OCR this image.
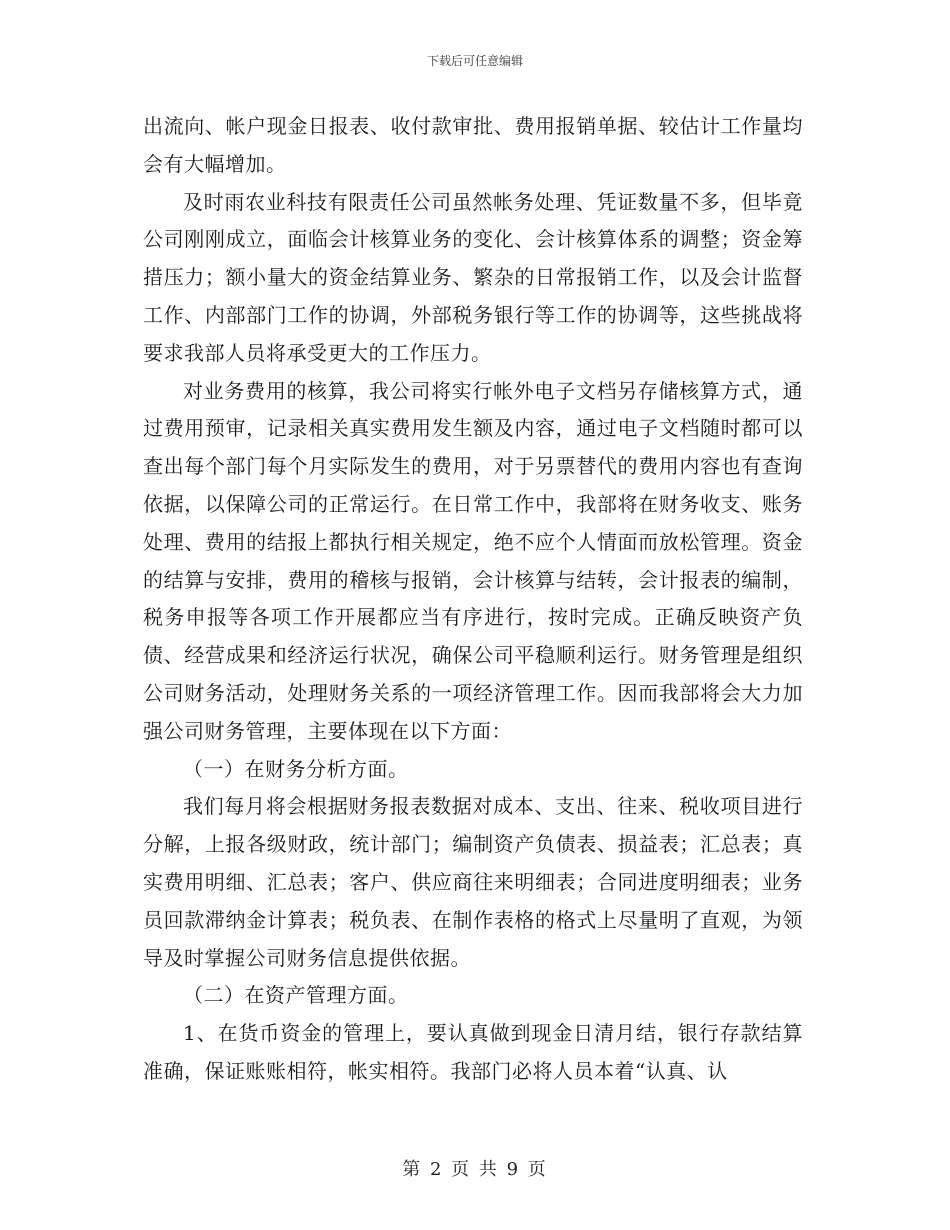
下载后可任意编辑

出流向、帐户现金日报表、收付款审批、费用报销单据、较估计工作量均会有大幅增加。

及时雨农业科技有限责任公司虽然帐务处理、凭证数量不多，但毕竟公司刚刚成立，面临会计核算业务的变化、会计核算体系的调整；资金筹措压力；额小量大的资金结算业务、繁杂的日常报销工作，以及会计监督工作、内部部门工作的协调，外部税务银行等工作的协调等，这些挑战将要求我部人员将承受更大的工作压力。

对业务费用的核算，我公司将实行帐外电子文档另存储核算方式，通过费用预审，记录相关真实费用发生额及内容，通过电子文档随时都可以查出每个部门每个月实际发生的费用，对于另票替代的费用内容也有查询依据，以保障公司的正常运行。在日常工作中，我部将在财务收支、账务处理、费用的结报上都执行相关规定，绝不应个人情面而放松管理。资金的结算与安排，费用的稽核与报销，会计核算与结转，会计报表的编制，税务申报等各项工作开展都应当有序进行，按时完成。正确反映资产负债、经营成果和经济运行状况，确保公司平稳顺利运行。财务管理是组织公司财务活动，处理财务关系的一项经济管理工作。因而我部将会大力加强公司财务管理，主要体现在以下方面：

（一）在财务分析方面。

我们每月将会根据财务报表数据对成本、支出、往来、税收项目进行分解，上报各级财政，统计部门；编制资产负债表、损益表；汇总表；真实费用明细、汇总表；客户、供应商往来明细表；合同进度明细表；业务员回款滞纳金计算表；税负表、在制作表格的格式上尽量明了直观，为领导及时掌握公司财务信息提供依据。

（二）在资产管理方面。

1、在货币资金的管理上，要认真做到现金日清月结，银行存款结算准确，保证账账相符，帐实相符。我部门必将人员本着“认真、认

第 2 页 共 9 页
